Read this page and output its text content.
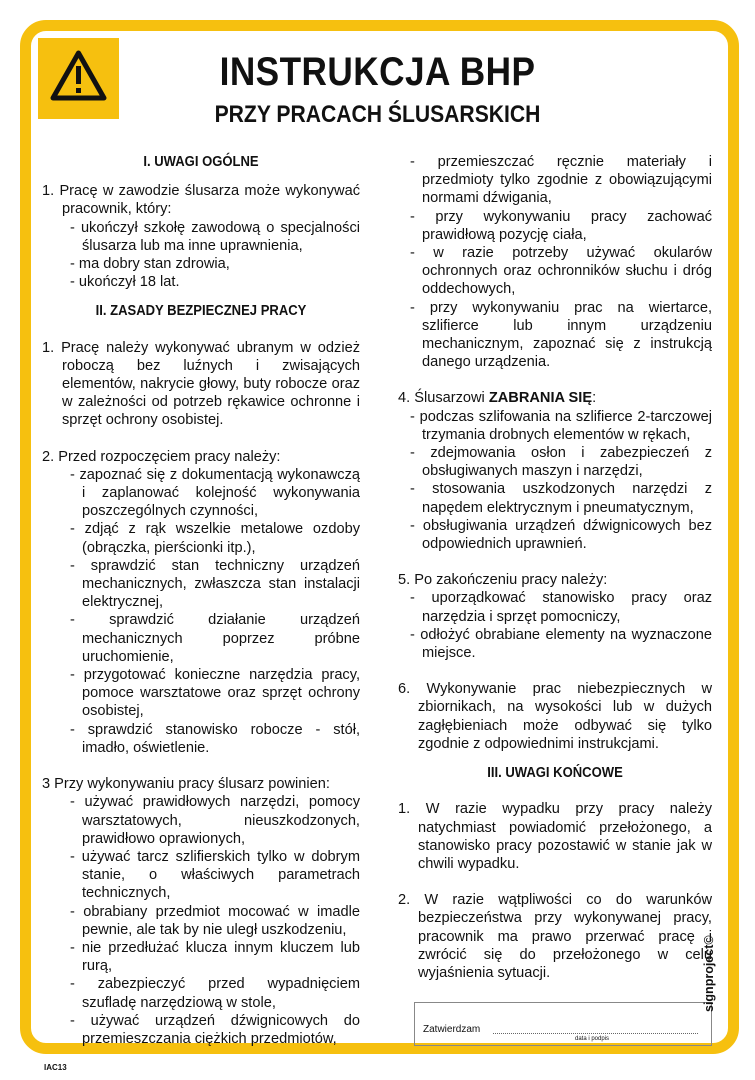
INSTRUKCJA BHP
PRZY PRACACH ŚLUSARSKICH

I. UWAGI OGÓLNE

1. Pracę w zawodzie ślusarza może wykonywać pracownik, który:
- ukończył szkołę zawodową o specjalności ślusarza lub ma inne uprawnienia,
- ma dobry stan zdrowia,
- ukończył 18 lat.

II. ZASADY BEZPIECZNEJ PRACY

1. Pracę należy wykonywać ubranym w odzież roboczą bez luźnych i zwisających elementów, nakrycie głowy, buty robocze oraz w zależności od potrzeb rękawice ochronne i sprzęt ochrony osobistej.
2. Przed rozpoczęciem pracy należy:
- zapoznać się z dokumentacją wykonawczą i zaplanować kolejność wykonywania poszczególnych czynności,
- zdjąć z rąk wszelkie metalowe ozdoby (obrączka, pierścionki itp.),
- sprawdzić stan techniczny urządzeń mechanicznych, zwłaszcza stan instalacji elektrycznej,
- sprawdzić działanie urządzeń mechanicznych poprzez próbne uruchomienie,
- przygotować konieczne narzędzia pracy, pomoce warsztatowe oraz sprzęt ochrony osobistej,
- sprawdzić stanowisko robocze - stół, imadło, oświetlenie.
3 Przy wykonywaniu pracy ślusarz powinien:
- używać prawidłowych narzędzi, pomocy warsztatowych, nieuszkodzonych, prawidłowo oprawionych,
- używać tarcz szlifierskich tylko w dobrym stanie, o właściwych parametrach technicznych,
- obrabiany przedmiot mocować w imadle pewnie, ale tak by nie uległ uszkodzeniu,
- nie przedłużać klucza innym kluczem lub rurą,
- zabezpieczyć przed wypadnięciem szufladę narzędziową w stole,
- używać urządzeń dźwignicowych do przemieszczania ciężkich przedmiotów,
- przemieszczać ręcznie materiały i przedmioty tylko zgodnie z obowiązującymi normami dźwigania,
- przy wykonywaniu pracy zachować prawidłową pozycję ciała,
- w razie potrzeby używać okularów ochronnych oraz ochronników słuchu i dróg oddechowych,
- przy wykonywaniu prac na wiertarce, szlifierce lub innym urządzeniu mechanicznym, zapoznać się z instrukcją danego urządzenia.
4. Ślusarzowi ZABRANIA SIĘ:
- podczas szlifowania na szlifierce 2-tarczowej trzymania drobnych elementów w rękach,
- zdejmowania osłon i zabezpieczeń z obsługiwanych maszyn i narzędzi,
- stosowania uszkodzonych narzędzi z napędem elektrycznym i pneumatycznym,
- obsługiwania urządzeń dźwignicowych bez odpowiednich uprawnień.
5. Po zakończeniu pracy należy:
- uporządkować stanowisko pracy oraz narzędzia i sprzęt pomocniczy,
- odłożyć obrabiane elementy na wyznaczone miejsce.
6. Wykonywanie prac niebezpiecznych w zbiornikach, na wysokości lub w dużych zagłębieniach może odbywać się tylko zgodnie z odpowiednimi instrukcjami.

III. UWAGI KOŃCOWE

1. W razie wypadku przy pracy należy natychmiast powiadomić przełożonego, a stanowisko pracy pozostawić w stanie jak w chwili wypadku.
2. W razie wątpliwości co do warunków bezpieczeństwa przy wykonywanej pracy, pracownik ma prawo przerwać pracę i zwrócić się do przełożonego w celu wyjaśnienia sytuacji.
Zatwierdzam
data i podpis
IAC13
signproject©
